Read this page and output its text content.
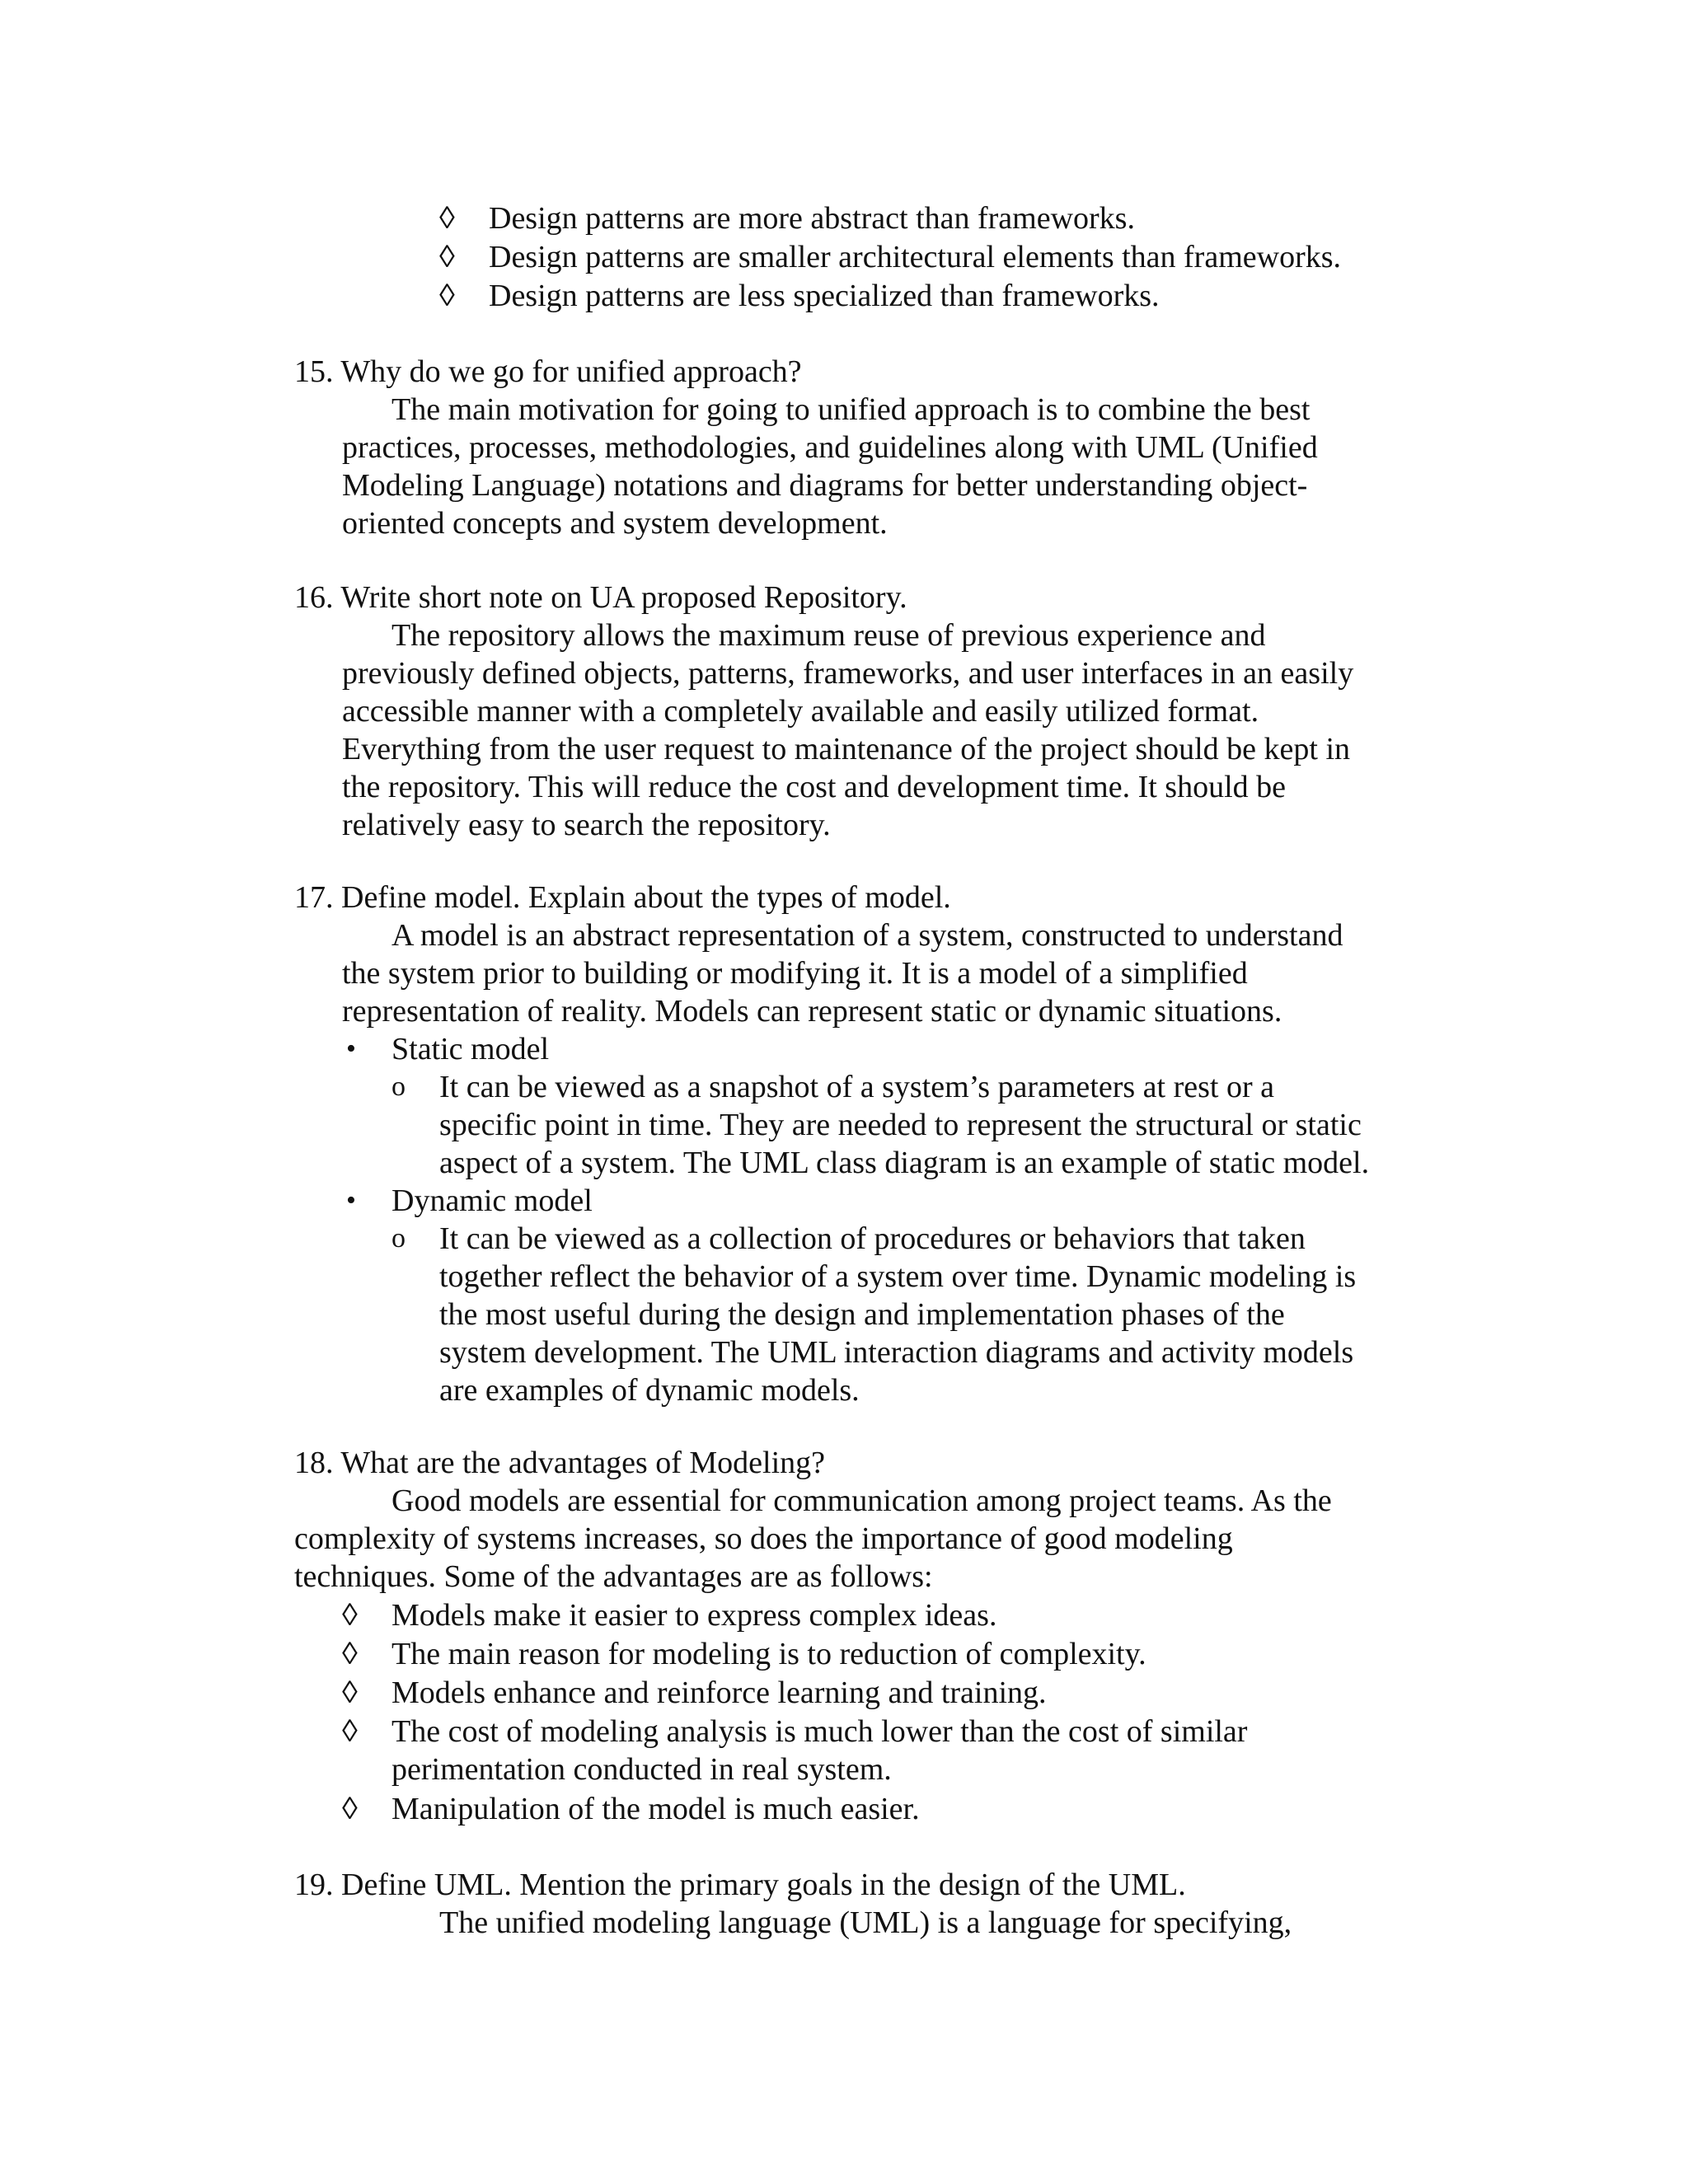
◊ Design patterns are more abstract than frameworks.
◊ Design patterns are smaller architectural elements than frameworks.
◊ Design patterns are less specialized than frameworks.
15. Why do we go for unified approach?
The main motivation for going to unified approach is to combine the best
practices, processes, methodologies, and guidelines along with UML (Unified
Modeling Language) notations and diagrams for better understanding object-
oriented concepts and system development.
16. Write short note on UA proposed Repository.
The repository allows the maximum reuse of previous experience and
previously defined objects, patterns, frameworks, and user interfaces in an easily
accessible manner with a completely available and easily utilized format.
Everything from the user request to maintenance of the project should be kept in
the repository. This will reduce the cost and development time. It should be
relatively easy to search the repository.
17. Define model. Explain about the types of model.
A model is an abstract representation of a system, constructed to understand
the system prior to building or modifying it. It is a model of a simplified
representation of reality. Models can represent static or dynamic situations.
• Static model
o It can be viewed as a snapshot of a system’s parameters at rest or a
specific point in time. They are needed to represent the structural or static
aspect of a system. The UML class diagram is an example of static model.
• Dynamic model
o It can be viewed as a collection of procedures or behaviors that taken
together reflect the behavior of a system over time. Dynamic modeling is
the most useful during the design and implementation phases of the
system development. The UML interaction diagrams and activity models
are examples of dynamic models.
18. What are the advantages of Modeling?
Good models are essential for communication among project teams. As the
complexity of systems increases, so does the importance of good modeling
techniques. Some of the advantages are as follows:
◊ Models make it easier to express complex ideas.
◊ The main reason for modeling is to reduction of complexity.
◊ Models enhance and reinforce learning and training.
◊ The cost of modeling analysis is much lower than the cost of similar
perimentation conducted in real system.
◊ Manipulation of the model is much easier.
19. Define UML. Mention the primary goals in the design of the UML.
The unified modeling language (UML) is a language for specifying,
